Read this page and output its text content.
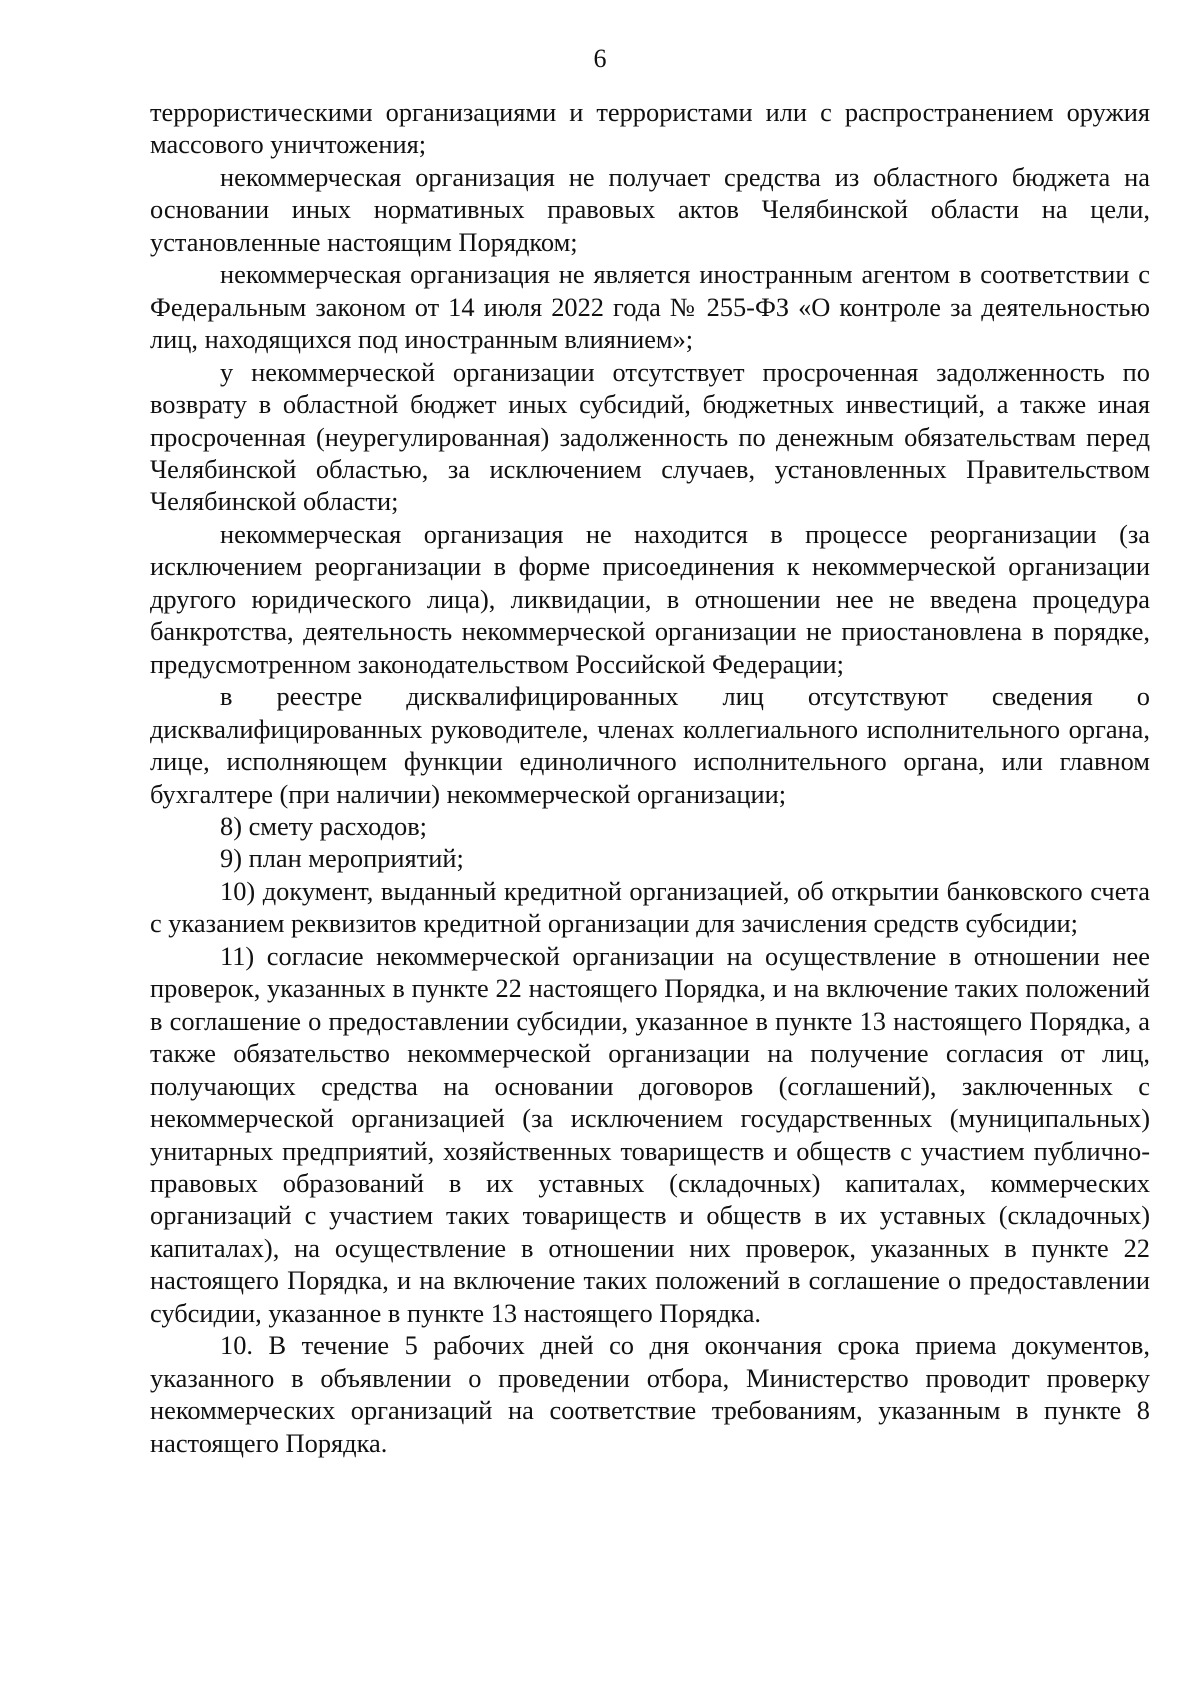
6

террористическими организациями и террористами или с распространением оружия массового уничтожения;

некоммерческая организация не получает средства из областного бюджета на основании иных нормативных правовых актов Челябинской области на цели, установленные настоящим Порядком;

некоммерческая организация не является иностранным агентом в соответствии с Федеральным законом от 14 июля 2022 года № 255-ФЗ «О контроле за деятельностью лиц, находящихся под иностранным влиянием»;

у некоммерческой организации отсутствует просроченная задолженность по возврату в областной бюджет иных субсидий, бюджетных инвестиций, а также иная просроченная (неурегулированная) задолженность по денежным обязательствам перед Челябинской областью, за исключением случаев, установленных Правительством Челябинской области;

некоммерческая организация не находится в процессе реорганизации (за исключением реорганизации в форме присоединения к некоммерческой организации другого юридического лица), ликвидации, в отношении нее не введена процедура банкротства, деятельность некоммерческой организации не приостановлена в порядке, предусмотренном законодательством Российской Федерации;

в реестре дисквалифицированных лиц отсутствуют сведения о дисквалифицированных руководителе, членах коллегиального исполнительного органа, лице, исполняющем функции единоличного исполнительного органа, или главном бухгалтере (при наличии) некоммерческой организации;

8) смету расходов;

9) план мероприятий;

10) документ, выданный кредитной организацией, об открытии банковского счета с указанием реквизитов кредитной организации для зачисления средств субсидии;

11) согласие некоммерческой организации на осуществление в отношении нее проверок, указанных в пункте 22 настоящего Порядка, и на включение таких положений в соглашение о предоставлении субсидии, указанное в пункте 13 настоящего Порядка, а также обязательство некоммерческой организации на получение согласия от лиц, получающих средства на основании договоров (соглашений), заключенных с некоммерческой организацией (за исключением государственных (муниципальных) унитарных предприятий, хозяйственных товариществ и обществ с участием публично-правовых образований в их уставных (складочных) капиталах, коммерческих организаций с участием таких товариществ и обществ в их уставных (складочных) капиталах), на осуществление в отношении них проверок, указанных в пункте 22 настоящего Порядка, и на включение таких положений в соглашение о предоставлении субсидии, указанное в пункте 13 настоящего Порядка.

10. В течение 5 рабочих дней со дня окончания срока приема документов, указанного в объявлении о проведении отбора, Министерство проводит проверку некоммерческих организаций на соответствие требованиям, указанным в пункте 8 настоящего Порядка.
